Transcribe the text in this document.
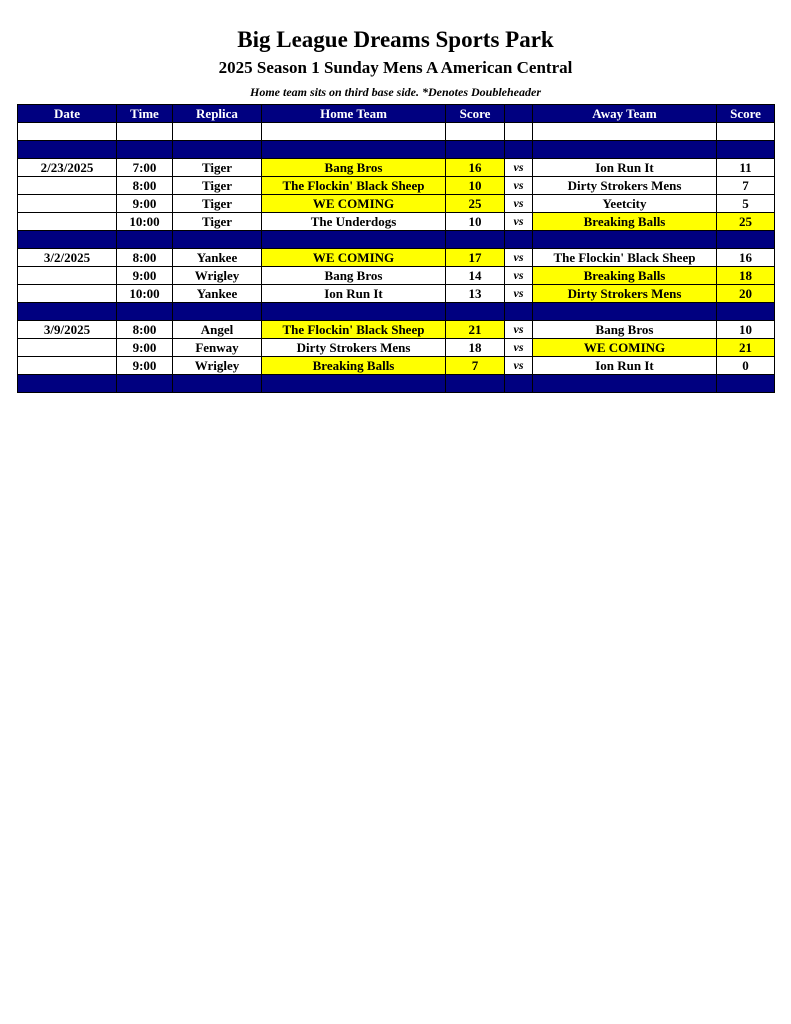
Big League Dreams Sports Park
2025 Season 1 Sunday Mens A American Central
Home team sits on third base side. *Denotes Doubleheader
Date	Time	Replica	Home Team	Score		Away Team	Score

2/23/2025	7:00	Tiger	Bang Bros	16	vs	Ion Run It	11
	8:00	Tiger	The Flockin' Black Sheep	10	vs	Dirty Strokers Mens	7
	9:00	Tiger	WE COMING	25	vs	Yeetcity	5
	10:00	Tiger	The Underdogs	10	vs	Breaking Balls	25

3/2/2025	8:00	Yankee	WE COMING	17	vs	The Flockin' Black Sheep	16
	9:00	Wrigley	Bang Bros	14	vs	Breaking Balls	18
	10:00	Yankee	Ion Run It	13	vs	Dirty Strokers Mens	20

3/9/2025	8:00	Angel	The Flockin' Black Sheep	21	vs	Bang Bros	10
	9:00	Fenway	Dirty Strokers Mens	18	vs	WE COMING	21
	9:00	Wrigley	Breaking Balls	7	vs	Ion Run It	0
